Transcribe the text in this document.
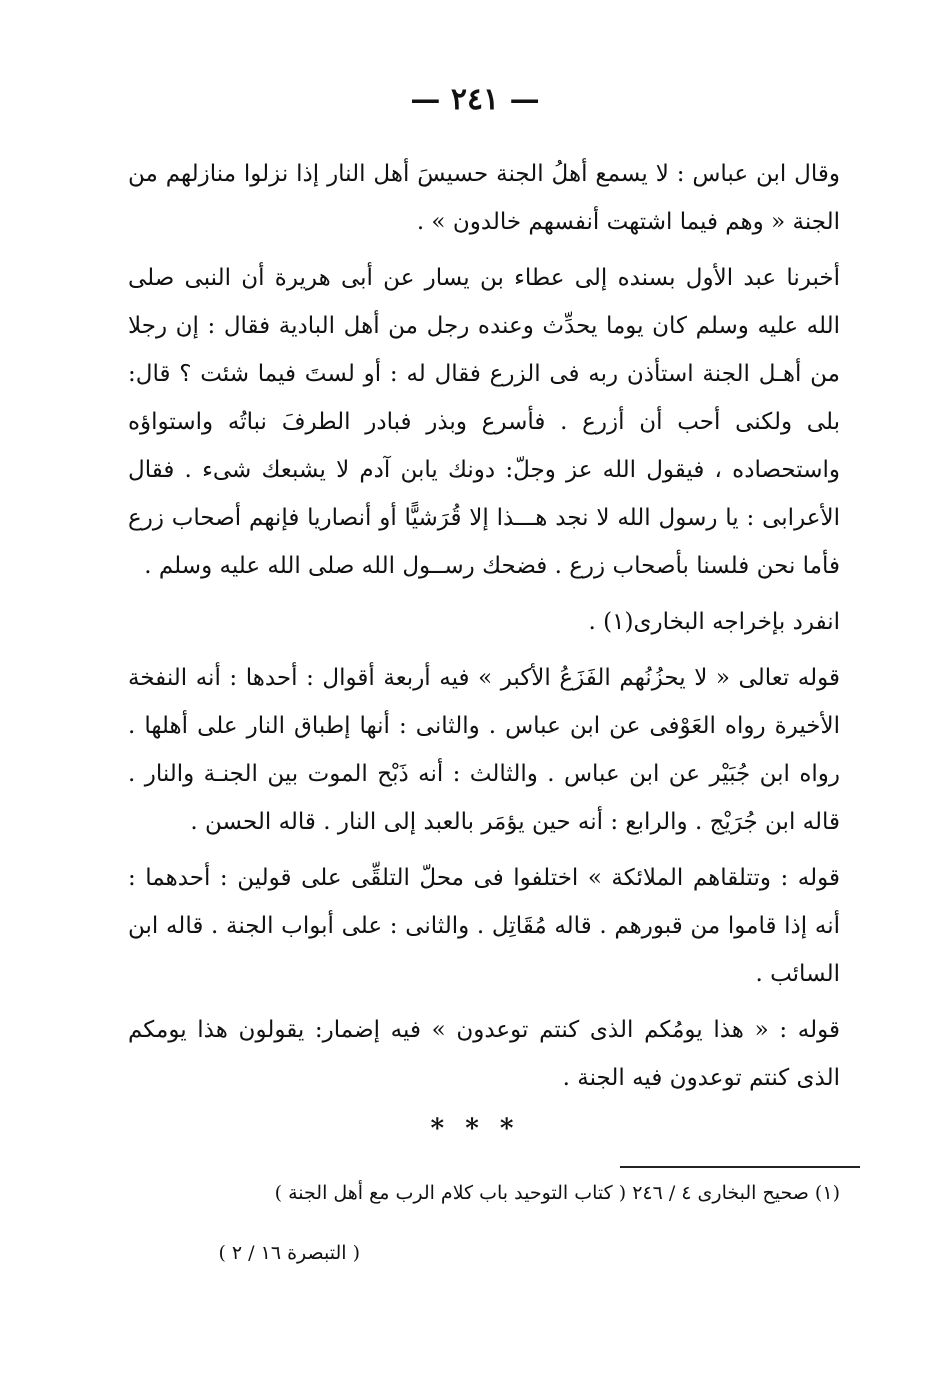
— ٢٤١ —

وقال ابن عباس : لا يسمع أهلُ الجنة حسيسَ أهل النار إذا نزلوا منازلهم من الجنة « وهم فيما اشتهت أنفسهم خالدون » .

أخبرنا عبد الأول بسنده إلى عطاء بن يسار عن أبى هريرة أن النبى صلى الله عليه وسلم كان يوما يحدِّث وعنده رجل من أهل البادية فقال : إن رجلا من أهـل الجنة استأذن ربه فى الزرع فقال له : أو لستَ فيما شئت ؟ قال: بلى ولكنى أحب أن أزرع . فأسرع وبذر فبادر الطرفَ نباتُه واستواؤه واستحصاده ، فيقول الله عز وجلّ: دونك يابن آدم لا يشبعك شىء . فقال الأعرابى : يا رسول الله لا نجد هـــذا إلا قُرَشيًّا أو أنصاريا فإنهم أصحاب زرع فأما نحن فلسنا بأصحاب زرع . فضحك رســول الله صلى الله عليه وسلم .

انفرد بإخراجه البخارى(١) .

قوله تعالى « لا يحزُنُهم الفَزَعُ الأكبر » فيه أربعة أقوال : أحدها : أنه النفخة الأخيرة رواه العَوْفى عن ابن عباس . والثانى : أنها إطباق النار على أهلها . رواه ابن جُبَيْر عن ابن عباس . والثالث : أنه ذَبْح الموت بين الجنـة والنار . قاله ابن جُرَيْج . والرابع : أنه حين يؤمَر بالعبد إلى النار . قاله الحسن .

قوله : وتتلقاهم الملائكة » اختلفوا فى محلّ التلقِّى على قولين : أحدهما : أنه إذا قاموا من قبورهم . قاله مُقَاتِل . والثانى : على أبواب الجنة . قاله ابن السائب .

قوله : « هذا يومُكم الذى كنتم توعدون » فيه إضمار: يقولون هذا يومكم الذى كنتم توعدون فيه الجنة .

* * *
(١) صحيح البخارى ٤ / ٢٤٦ ( كتاب التوحيد باب كلام الرب مع أهل الجنة )
( التبصرة ١٦ / ٢ )
